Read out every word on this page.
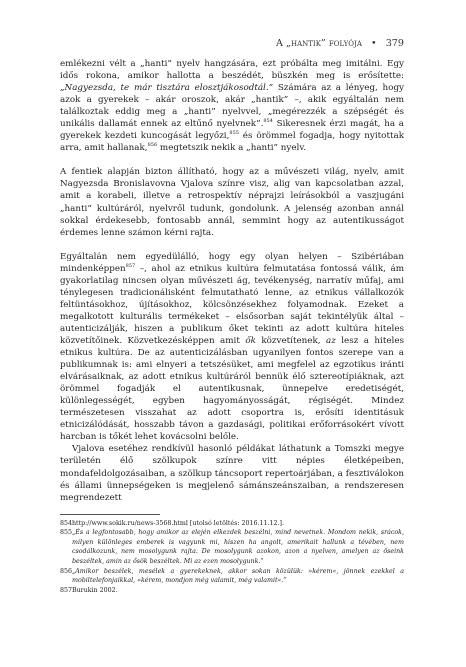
A „hantik” folyója • 379

emlékezni vélt a „hanti” nyelv hangzására, ezt próbálta meg imitálni. Egy idős rokona, amikor hallotta a beszédét, büszkén meg is erősítette: „Nagyezsda, te már tisztára elosztjákosodtál.” Számára az a lényeg, hogy azok a gyerekek – akár oroszok, akár „hantik” –, akik egyáltalán nem találkoztak eddig meg a „hanti” nyelvvel, „megérezzék a szépségét és unikális dallamát ennek az eltűnő nyelvnek”.$^{854}$ Sikeresnek érzi magát, ha a gyerekek kezdeti kuncogását legyőzi,$^{855}$ és örömmel fogadja, hogy nyitottak arra, amit hallanak,$^{856}$ megtetszik nekik a „hanti” nyelv.

A fentiek alapján bizton állítható, hogy az a művészeti világ, nyelv, amit Nagyezsda Bronislavovna Vjalova színre visz, alig van kapcsolatban azzal, amit a korabeli, illetve a retrospektív néprajzi leírásokból a vaszjugáni „hanti” kultúráról, nyelvről tudunk, gondolunk. A jelenség azonban annál sokkal érdekesebb, fontosabb annál, semmint hogy az autentikusságot érdemes lenne számon kérni rajta.

Egyáltalán nem egyedülálló, hogy egy olyan helyen – Szibériában mindenképpen$^{857}$ –, ahol az etnikus kultúra felmutatása fontossá válik, ám gyakorlatilag nincsen olyan művészeti ág, tevékenység, narratív műfaj, ami ténylegesen tradicionálisként felmutatható lenne, az etnikus vállalkozók feltüntásokhoz, újításokhoz, kölcsönzésekhez folyamodnak. Ezeket a megalkotott kulturális termékeket – elsősorban saját tekintélyük által – autenticizálják, hiszen a publikum őket tekinti az adott kultúra hiteles közvetítőinek. Közvetkezésképpen amit ők közvetítenek, az lesz a hiteles etnikus kultúra. De az autenticizálásban ugyanilyen fontos szerepe van a publikumnak is: ami elnyeri a tetszésüket, ami megfelel az egzotikus iránti elvárásaiknak, az adott etnikus kultúráról bennük élő sztereotípiáknak, azt örömmel fogadják el autentikusnak, ünnepelve eredetiségét, különlegességét, egyben hagyományosságát, régiségét. Mindez természetesen visszahat az adott csoportra is, erősíti identitásuk etnicizálódását, hosszabb távon a gazdasági, politikai erőforrásokért vívott harcban is tőkét lehet kovácsolni belőle.

Vjalova esetéhez rendkívül hasonló példákat láthatunk a Tomszki megye területén élő szölkupok színre vitt népies életképeiben, mondafeldolgozásaiban, a szölkup táncsoport repertoárjában, a fesztiválokon és állami ünnepségeken is megjelenő sámánszeánszaiban, a rendszeresen megrendezett

854http://www.sokik.ru/news-3568.html [utolsó letöltés: 2016.11.12.].

855„És a legfontosabb, hogy amikor az elején elkezdek beszélni, mind nevetnek. Mondom nekik, srácok, milyen különleges emberek is vagyunk mi, hiszen ha angolt, amerikait hallunk a tévében, nem csodálkozunk, nem mosolygunk rajta. De mosolygunk azokon, azon a nyelven, amelyen az őseink beszéltek, amin az ősök beszéltek. Mi az ezen mosolygunk.”

856„Amikor beszélek, mesélek a gyerekeknek, akkor sokan közülük: »kérem«, jönnek ezekkel a mobiltelefonjaikkal, »kérem, mondjon még valamit, még valamit«.”

857Burukin 2002.
